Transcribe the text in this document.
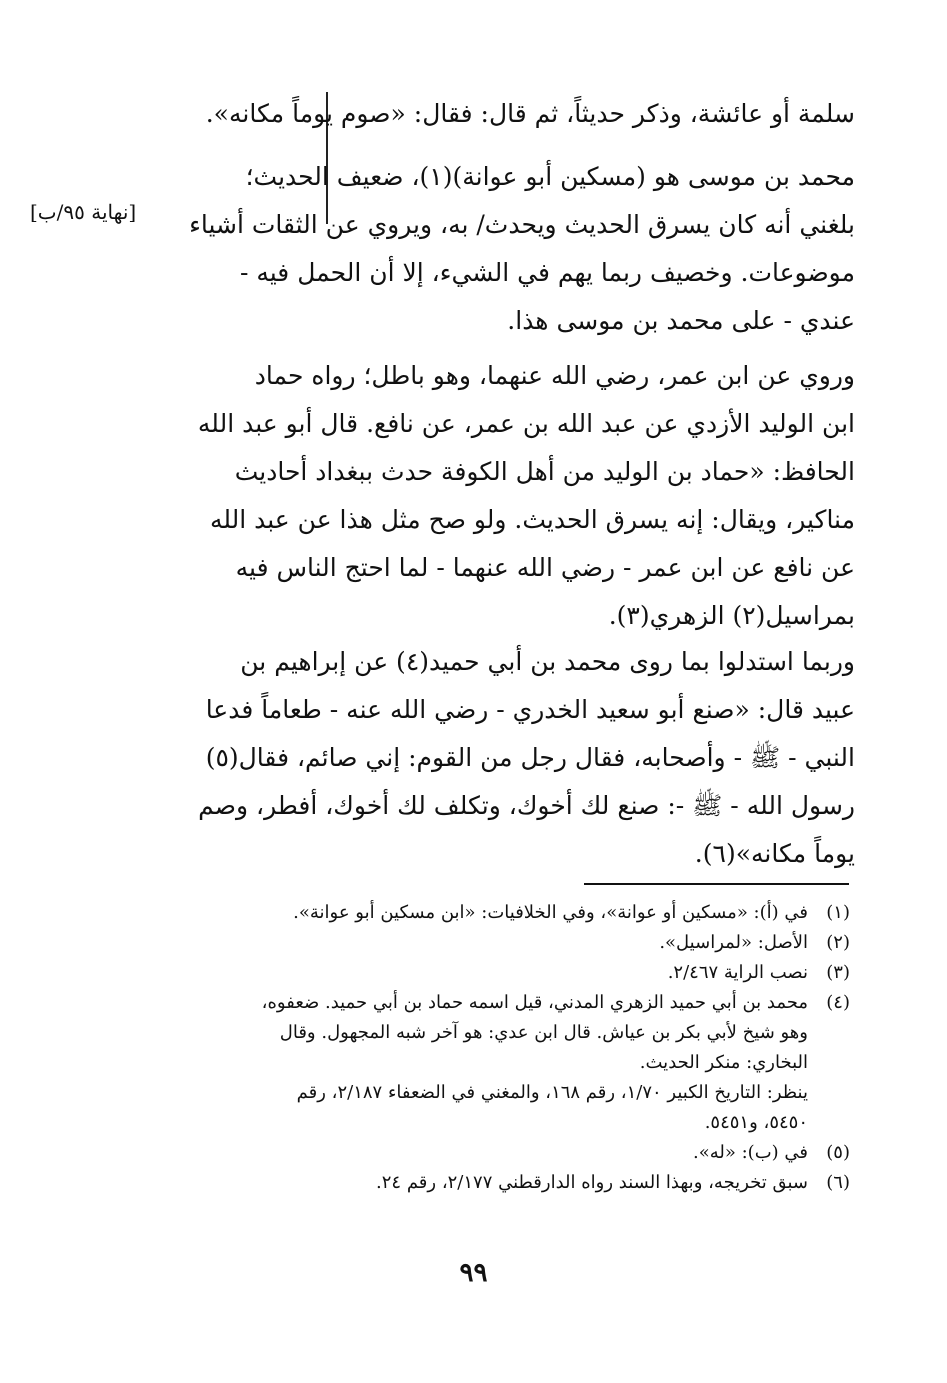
سلمة أو عائشة، وذكر حديثاً، ثم قال: فقال: «صوم يوماً مكانه».
محمد بن موسى هو (مسكين أبو عوانة)(١)، ضعيف الحديث؛
بلغني أنه كان يسرق الحديث ويحدث/ به، ويروي عن الثقات أشياء
موضوعات. وخصيف ربما يهم في الشيء، إلا أن الحمل فيه -
عندي - على محمد بن موسى هذا.
[نهاية ٩٥/ب]
وروي عن ابن عمر، رضي الله عنهما، وهو باطل؛ رواه حماد
ابن الوليد الأزدي عن عبد الله بن عمر، عن نافع. قال أبو عبد الله
الحافظ: «حماد بن الوليد من أهل الكوفة حدث ببغداد أحاديث
مناكير، ويقال: إنه يسرق الحديث. ولو صح مثل هذا عن عبد الله
عن نافع عن ابن عمر - رضي الله عنهما - لما احتج الناس فيه
بمراسيل(٢) الزهري(٣).
وربما استدلوا بما روى محمد بن أبي حميد(٤) عن إبراهيم بن
عبيد قال: «صنع أبو سعيد الخدري - رضي الله عنه - طعاماً فدعا
النبي - ﷺ - وأصحابه، فقال رجل من القوم: إني صائم، فقال(٥)
رسول الله - ﷺ -: صنع لك أخوك، وتكلف لك أخوك، أفطر، وصم
يوماً مكانه»(٦).
(١)
في (أ): «مسكين أو عوانة»، وفي الخلافيات: «ابن مسكين أبو عوانة».
(٢)
الأصل: «لمراسيل».
(٣)
نصب الراية ٢/٤٦٧.
(٤)
محمد بن أبي حميد الزهري المدني، قيل اسمه حماد بن أبي حميد. ضعفوه،
وهو شيخ لأبي بكر بن عياش. قال ابن عدي: هو آخر شبه المجهول. وقال
البخاري: منكر الحديث.
ينظر: التاريخ الكبير ١/٧٠، رقم ١٦٨، والمغني في الضعفاء ٢/١٨٧، رقم
٥٤٥٠، و٥٤٥١.
(٥)
في (ب): «له».
(٦)
سبق تخريجه، وبهذا السند رواه الدارقطني ٢/١٧٧، رقم ٢٤.
٩٩
